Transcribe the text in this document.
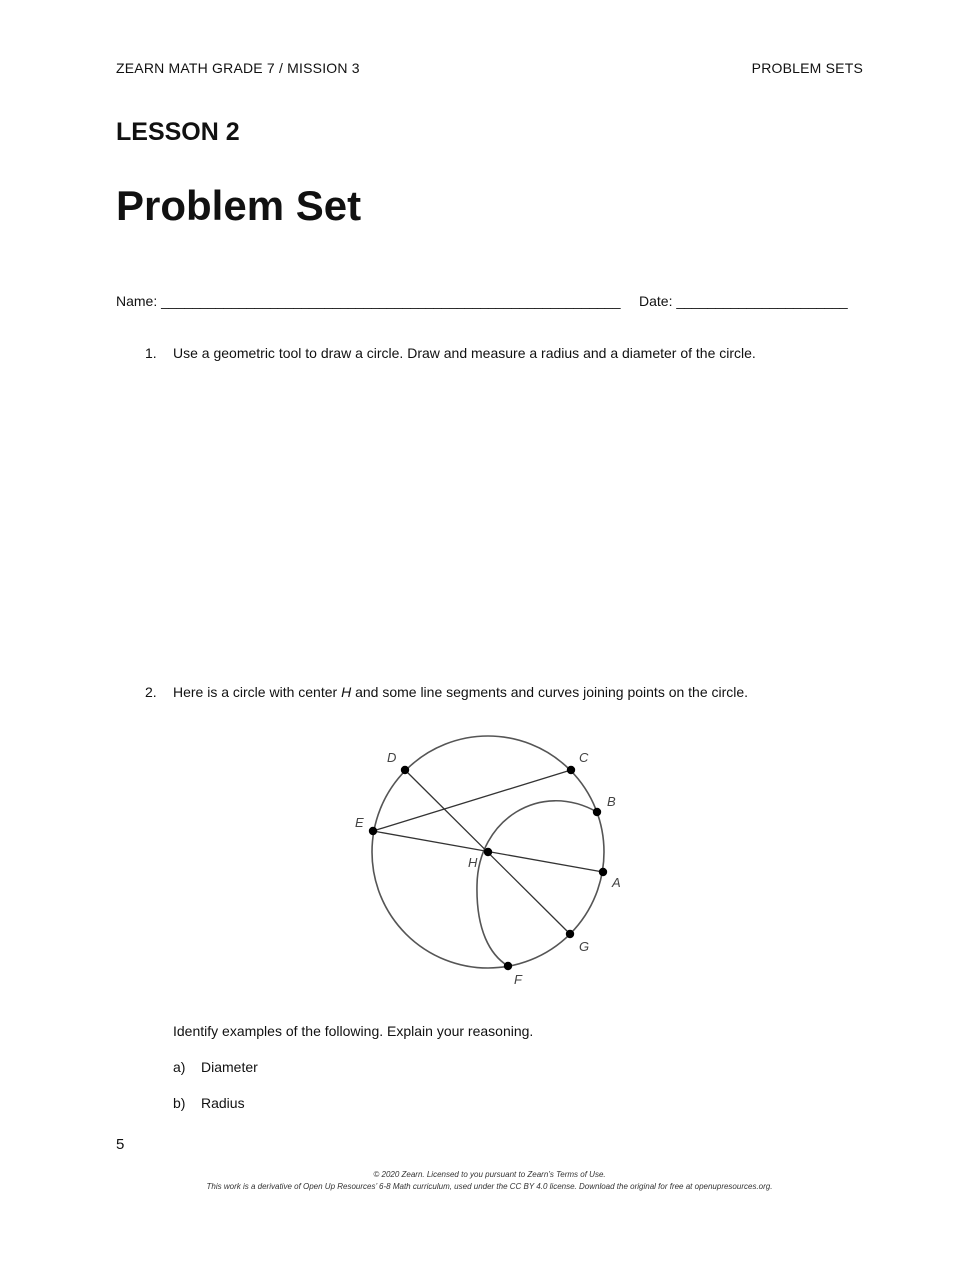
ZEARN MATH GRADE 7 / MISSION 3	PROBLEM SETS
LESSON 2
Problem Set
Name: ___________________________________________________________ Date: ______________________
1. Use a geometric tool to draw a circle. Draw and measure a radius and a diameter of the circle.
2. Here is a circle with center H and some line segments and curves joining points on the circle.
A
B
C
D
E
F
G
H
Identify examples of the following. Explain your reasoning.
a) Diameter
b) Radius
5
© 2020 Zearn. Licensed to you pursuant to Zearn’s Terms of Use.
This work is a derivative of Open Up Resources’ 6-8 Math curriculum, used under the CC BY 4.0 license. Download the original for free at openupresources.org.
